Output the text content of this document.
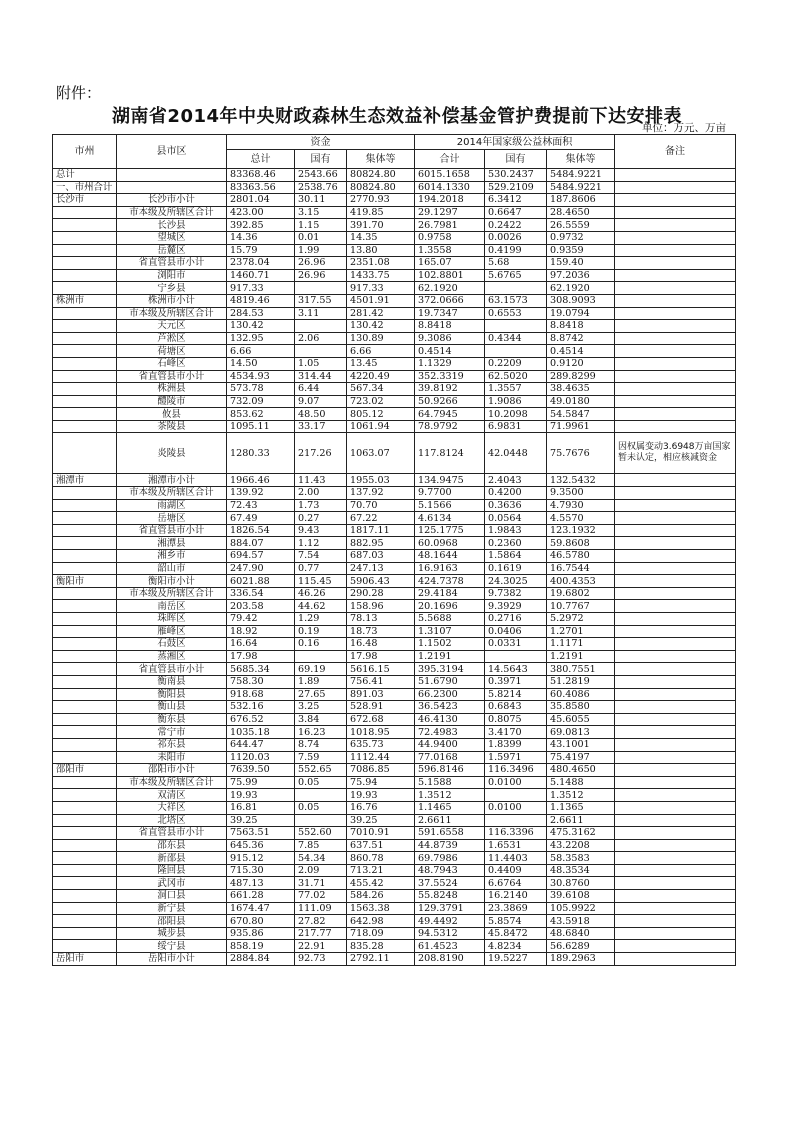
附件：
湖南省2014年中央财政森林生态效益补偿基金管护费提前下达安排表
单位：万元、万亩
市州	县市区	资金			2014年国家级公益林面积			备注
		总计	国有	集体等	合计	国有	集体等	
总计		83368.46	2543.66	80824.80	6015.1658	530.2437	5484.9221	
一、市州合计		83363.56	2538.76	80824.80	6014.1330	529.2109	5484.9221	
长沙市	长沙市小计	2801.04	30.11	2770.93	194.2018	6.3412	187.8606	
	市本级及所辖区合计	423.00	3.15	419.85	29.1297	0.6647	28.4650	
	长沙县	392.85	1.15	391.70	26.7981	0.2422	26.5559	
	望城区	14.36	0.01	14.35	0.9758	0.0026	0.9732	
	岳麓区	15.79	1.99	13.80	1.3558	0.4199	0.9359	
	省直管县市小计	2378.04	26.96	2351.08	165.07	5.68	159.40	
	浏阳市	1460.71	26.96	1433.75	102.8801	5.6765	97.2036	
	宁乡县	917.33		917.33	62.1920		62.1920	
株洲市	株洲市小计	4819.46	317.55	4501.91	372.0666	63.1573	308.9093	
	市本级及所辖区合计	284.53	3.11	281.42	19.7347	0.6553	19.0794	
	天元区	130.42		130.42	8.8418		8.8418	
	芦淞区	132.95	2.06	130.89	9.3086	0.4344	8.8742	
	荷塘区	6.66		6.66	0.4514		0.4514	
	石峰区	14.50	1.05	13.45	1.1329	0.2209	0.9120	
	省直管县市小计	4534.93	314.44	4220.49	352.3319	62.5020	289.8299	
	株洲县	573.78	6.44	567.34	39.8192	1.3557	38.4635	
	醴陵市	732.09	9.07	723.02	50.9266	1.9086	49.0180	
	攸县	853.62	48.50	805.12	64.7945	10.2098	54.5847	
	茶陵县	1095.11	33.17	1061.94	78.9792	6.9831	71.9961	
	炎陵县	1280.33	217.26	1063.07	117.8124	42.0448	75.7676	因权属变动3.6948万亩国家暂未认定，相应核减资金
湘潭市	湘潭市小计	1966.46	11.43	1955.03	134.9475	2.4043	132.5432	
	市本级及所辖区合计	139.92	2.00	137.92	9.7700	0.4200	9.3500	
	雨湖区	72.43	1.73	70.70	5.1566	0.3636	4.7930	
	岳塘区	67.49	0.27	67.22	4.6134	0.0564	4.5570	
	省直管县市小计	1826.54	9.43	1817.11	125.1775	1.9843	123.1932	
	湘潭县	884.07	1.12	882.95	60.0968	0.2360	59.8608	
	湘乡市	694.57	7.54	687.03	48.1644	1.5864	46.5780	
	韶山市	247.90	0.77	247.13	16.9163	0.1619	16.7544	
衡阳市	衡阳市小计	6021.88	115.45	5906.43	424.7378	24.3025	400.4353	
	市本级及所辖区合计	336.54	46.26	290.28	29.4184	9.7382	19.6802	
	南岳区	203.58	44.62	158.96	20.1696	9.3929	10.7767	
	珠晖区	79.42	1.29	78.13	5.5688	0.2716	5.2972	
	雁峰区	18.92	0.19	18.73	1.3107	0.0406	1.2701	
	石鼓区	16.64	0.16	16.48	1.1502	0.0331	1.1171	
	蒸湘区	17.98		17.98	1.2191		1.2191	
	省直管县市小计	5685.34	69.19	5616.15	395.3194	14.5643	380.7551	
	衡南县	758.30	1.89	756.41	51.6790	0.3971	51.2819	
	衡阳县	918.68	27.65	891.03	66.2300	5.8214	60.4086	
	衡山县	532.16	3.25	528.91	36.5423	0.6843	35.8580	
	衡东县	676.52	3.84	672.68	46.4130	0.8075	45.6055	
	常宁市	1035.18	16.23	1018.95	72.4983	3.4170	69.0813	
	祁东县	644.47	8.74	635.73	44.9400	1.8399	43.1001	
	耒阳市	1120.03	7.59	1112.44	77.0168	1.5971	75.4197	
邵阳市	邵阳市小计	7639.50	552.65	7086.85	596.8146	116.3496	480.4650	
	市本级及所辖区合计	75.99	0.05	75.94	5.1588	0.0100	5.1488	
	双清区	19.93		19.93	1.3512		1.3512	
	大祥区	16.81	0.05	16.76	1.1465	0.0100	1.1365	
	北塔区	39.25		39.25	2.6611		2.6611	
	省直管县市小计	7563.51	552.60	7010.91	591.6558	116.3396	475.3162	
	邵东县	645.36	7.85	637.51	44.8739	1.6531	43.2208	
	新邵县	915.12	54.34	860.78	69.7986	11.4403	58.3583	
	隆回县	715.30	2.09	713.21	48.7943	0.4409	48.3534	
	武冈市	487.13	31.71	455.42	37.5524	6.6764	30.8760	
	洞口县	661.28	77.02	584.26	55.8248	16.2140	39.6108	
	新宁县	1674.47	111.09	1563.38	129.3791	23.3869	105.9922	
	邵阳县	670.80	27.82	642.98	49.4492	5.8574	43.5918	
	城步县	935.86	217.77	718.09	94.5312	45.8472	48.6840	
	绥宁县	858.19	22.91	835.28	61.4523	4.8234	56.6289	
岳阳市	岳阳市小计	2884.84	92.73	2792.11	208.8190	19.5227	189.2963	
